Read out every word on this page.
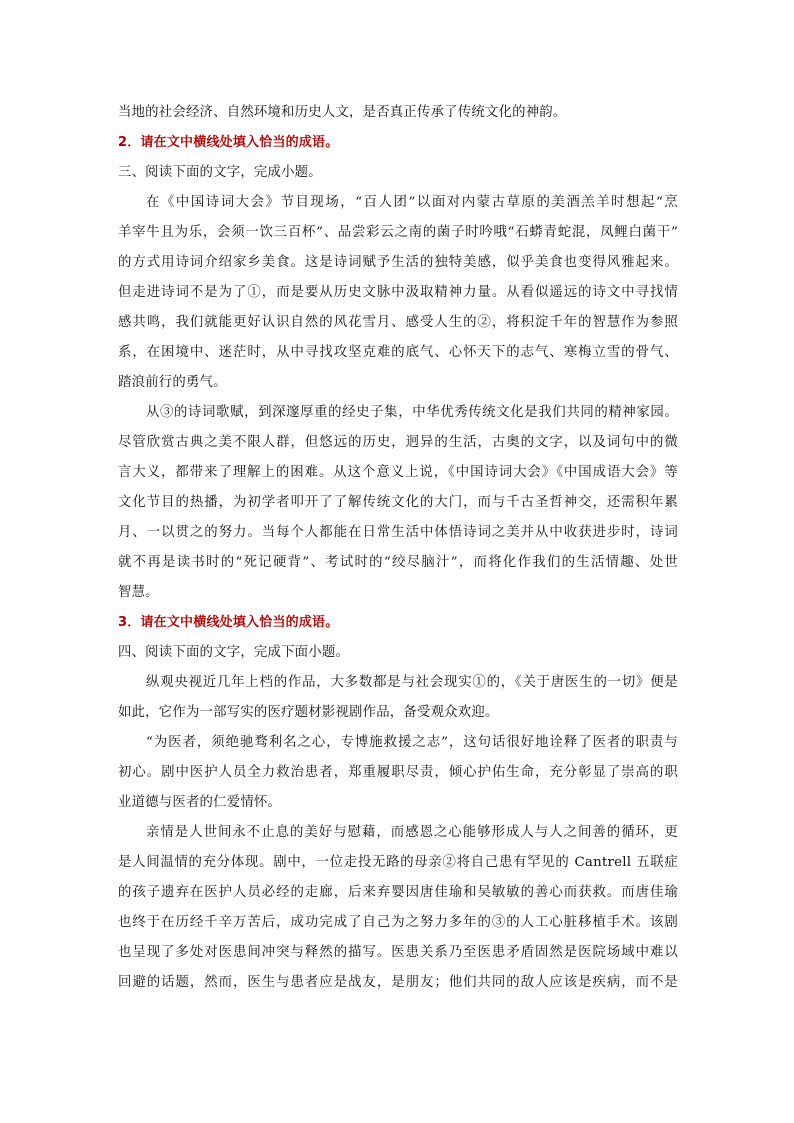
当地的社会经济、自然环境和历史人文，是否真正传承了传统文化的神韵。
2．请在文中横线处填入恰当的成语。
三、阅读下面的文字，完成小题。
在《中国诗词大会》节目现场，“百人团”以面对内蒙古草原的美酒羔羊时想起“烹
羊宰牛且为乐，会须一饮三百杯”、品尝彩云之南的菌子时吟哦“石蟒青蛇混，凤鲤白菌干”
的方式用诗词介绍家乡美食。这是诗词赋予生活的独特美感，似乎美食也变得风雅起来。
但走进诗词不是为了①，而是要从历史文脉中汲取精神力量。从看似遥远的诗文中寻找情
感共鸣，我们就能更好认识自然的风花雪月、感受人生的②，将积淀千年的智慧作为参照
系，在困境中、迷茫时，从中寻找攻坚克难的底气、心怀天下的志气、寒梅立雪的骨气、
踏浪前行的勇气。
从③的诗词歌赋，到深邃厚重的经史子集，中华优秀传统文化是我们共同的精神家园。
尽管欣赏古典之美不限人群，但悠远的历史，迥异的生活，古奥的文字，以及词句中的微
言大义，都带来了理解上的困难。从这个意义上说，《中国诗词大会》《中国成语大会》等
文化节目的热播，为初学者叩开了了解传统文化的大门，而与千古圣哲神交，还需积年累
月、一以贯之的努力。当每个人都能在日常生活中体悟诗词之美并从中收获进步时，诗词
就不再是读书时的“死记硬背”、考试时的“绞尽脑汁”，而将化作我们的生活情趣、处世
智慧。
3．请在文中横线处填入恰当的成语。
四、阅读下面的文字，完成下面小题。
纵观央视近几年上档的作品，大多数都是与社会现实①的，《关于唐医生的一切》便是
如此，它作为一部写实的医疗题材影视剧作品，备受观众欢迎。
“为医者，须绝驰骛利名之心，专博施救援之志”，这句话很好地诠释了医者的职责与
初心。剧中医护人员全力救治患者，郑重履职尽责，倾心护佑生命，充分彰显了崇高的职
业道德与医者的仁爱情怀。
亲情是人世间永不止息的美好与慰藉，而感恩之心能够形成人与人之间善的循环，更
是人间温情的充分体现。剧中，一位走投无路的母亲②将自己患有罕见的 Cantrell 五联症
的孩子遗弃在医护人员必经的走廊，后来弃婴因唐佳瑜和吴敏敏的善心而获救。而唐佳瑜
也终于在历经千辛万苦后，成功完成了自己为之努力多年的③的人工心脏移植手术。该剧
也呈现了多处对医患间冲突与释然的描写。医患关系乃至医患矛盾固然是医院场域中难以
回避的话题，然而，医生与患者应是战友，是朋友；他们共同的敌人应该是疾病，而不是
